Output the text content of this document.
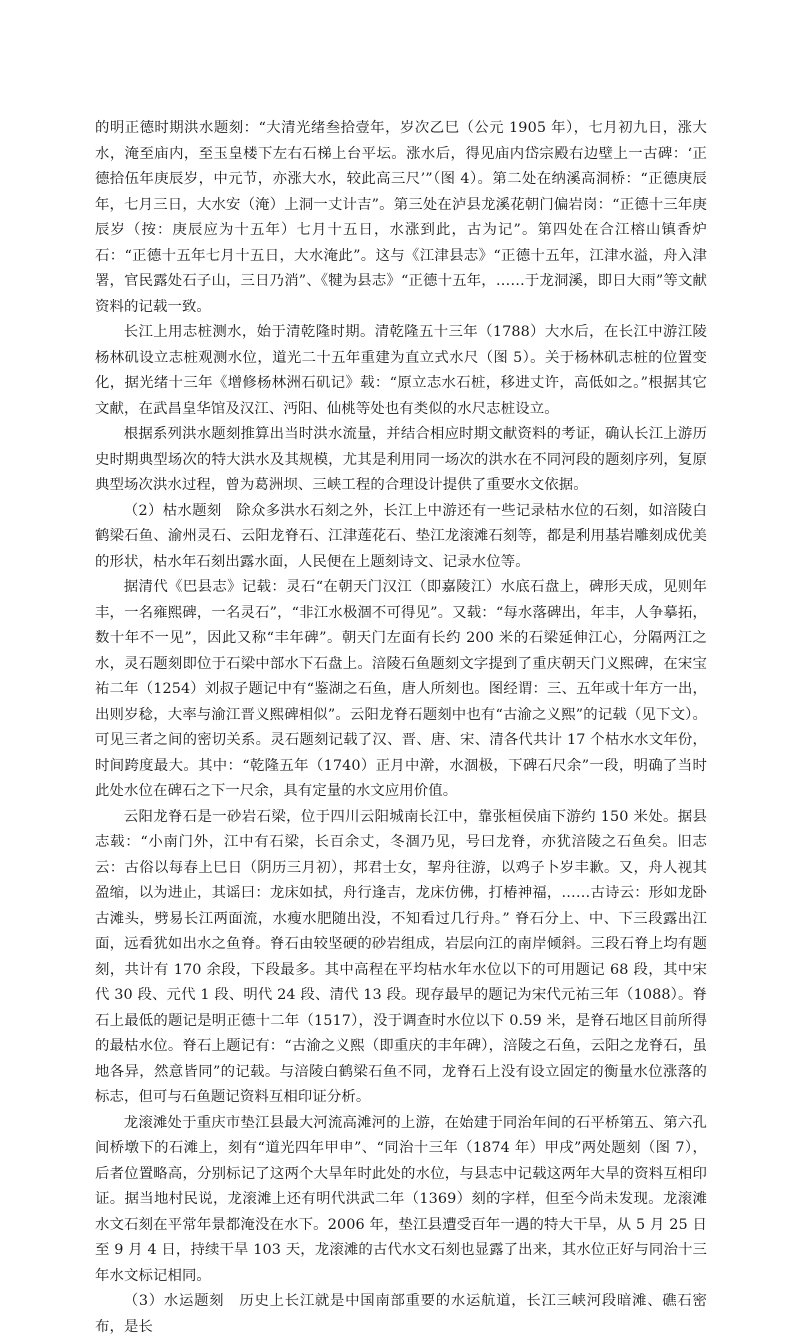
的明正德时期洪水题刻：“大清光绪叁拾壹年，岁次乙巳（公元 1905 年），七月初九日，涨大水，淹至庙内，至玉皇楼下左右石梯上台平坛。涨水后，得见庙内岱宗殿右边壁上一古碑：‘正德拾伍年庚辰岁，中元节，亦涨大水，较此高三尺’”（图 4）。第二处在纳溪高洞桥：“正德庚辰年，七月三日，大水安（淹）上洞一丈计吉”。第三处在泸县龙溪花朝门偏岩岗：“正德十三年庚辰岁（按：庚辰应为十五年）七月十五日，水涨到此，古为记”。第四处在合江榕山镇香炉石：“正德十五年七月十五日，大水淹此”。这与《江津县志》“正德十五年，江津水溢，舟入津署，官民露处石子山，三日乃消”、《犍为县志》“正德十五年，……于龙洞溪，即日大雨”等文献资料的记载一致。

长江上用志桩测水，始于清乾隆时期。清乾隆五十三年（1788）大水后，在长江中游江陵杨林矶设立志桩观测水位，道光二十五年重建为直立式水尺（图 5）。关于杨林矶志桩的位置变化，据光绪十三年《增修杨林洲石矶记》载：“原立志水石桩，移进丈许，高低如之。”根据其它文献，在武昌皇华馆及汉江、沔阳、仙桃等处也有类似的水尺志桩设立。

根据系列洪水题刻推算出当时洪水流量，并结合相应时期文献资料的考证，确认长江上游历史时期典型场次的特大洪水及其规模，尤其是利用同一场次的洪水在不同河段的题刻序列，复原典型场次洪水过程，曾为葛洲坝、三峡工程的合理设计提供了重要水文依据。

（2）枯水题刻　 除众多洪水石刻之外，长江上中游还有一些记录枯水位的石刻，如涪陵白鹤梁石鱼、渝州灵石、云阳龙脊石、江津莲花石、垫江龙滚滩石刻等，都是利用基岩雕刻成优美的形状，枯水年石刻出露水面，人民便在上题刻诗文、记录水位等。

据清代《巴县志》记载：灵石“在朝天门汉江（即嘉陵江）水底石盘上，碑形天成，见则年丰，一名雍熙碑，一名灵石”，“非江水极涸不可得见”。又载：“每水落碑出，年丰，人争摹拓，数十年不一见”，因此又称“丰年碑”。朝天门左面有长约 200 米的石梁延伸江心，分隔两江之水，灵石题刻即位于石梁中部水下石盘上。涪陵石鱼题刻文字提到了重庆朝天门义熙碑，在宋宝祐二年（1254）刘叔子题记中有“鉴湖之石鱼，唐人所刻也。图经谓：三、五年或十年方一出，出则岁稔，大率与渝江晋义熙碑相似”。云阳龙脊石题刻中也有“古渝之义熙”的记载（见下文）。可见三者之间的密切关系。灵石题刻记载了汉、晋、唐、宋、清各代共计 17 个枯水水文年份，时间跨度最大。其中：“乾隆五年（1740）正月中澣，水涸极，下碑石尺余”一段，明确了当时此处水位在碑石之下一尺余，具有定量的水文应用价值。

云阳龙脊石是一砂岩石梁，位于四川云阳城南长江中，靠张桓侯庙下游约 150 米处。据县志载：“小南门外，江中有石梁，长百余丈，冬涸乃见，号曰龙脊，亦犹涪陵之石鱼矣。旧志云：古俗以每春上巳日（阴历三月初），邦君士女，挈舟往游，以鸡子卜岁丰歉。又，舟人视其盈缩，以为进止，其谣曰：龙床如拭，舟行逢吉，龙床仿佛，打椿神福，……古诗云：形如龙卧古滩头，劈易长江两面流，水瘦水肥随出没，不知看过几行舟。” 脊石分上、中、下三段露出江面，远看犹如出水之鱼脊。脊石由较坚硬的砂岩组成，岩层向江的南岸倾斜。三段石脊上均有题刻，共计有 170 余段，下段最多。其中高程在平均枯水年水位以下的可用题记 68 段，其中宋代 30 段、元代 1 段、明代 24 段、清代 13 段。现存最早的题记为宋代元祐三年（1088）。脊石上最低的题记是明正德十二年（1517），没于调查时水位以下 0.59 米，是脊石地区目前所得的最枯水位。脊石上题记有：“古渝之义熙（即重庆的丰年碑），涪陵之石鱼，云阳之龙脊石，虽地各异，然意皆同”的记载。与涪陵白鹤梁石鱼不同，龙脊石上没有设立固定的衡量水位涨落的标志，但可与石鱼题记资料互相印证分析。

龙滚滩处于重庆市垫江县最大河流高滩河的上游，在始建于同治年间的石平桥第五、第六孔间桥墩下的石滩上，刻有“道光四年甲申”、“同治十三年（1874 年）甲戌”两处题刻（图 7），后者位置略高，分别标记了这两个大旱年时此处的水位，与县志中记载这两年大旱的资料互相印证。据当地村民说，龙滚滩上还有明代洪武二年（1369）刻的字样，但至今尚未发现。龙滚滩水文石刻在平常年景都淹没在水下。2006 年，垫江县遭受百年一遇的特大干旱，从 5 月 25 日至 9 月 4 日，持续干旱 103 天，龙滚滩的古代水文石刻也显露了出来，其水位正好与同治十三年水文标记相同。

（3）水运题刻　 历史上长江就是中国南部重要的水运航道，长江三峡河段暗滩、礁石密布，是长
